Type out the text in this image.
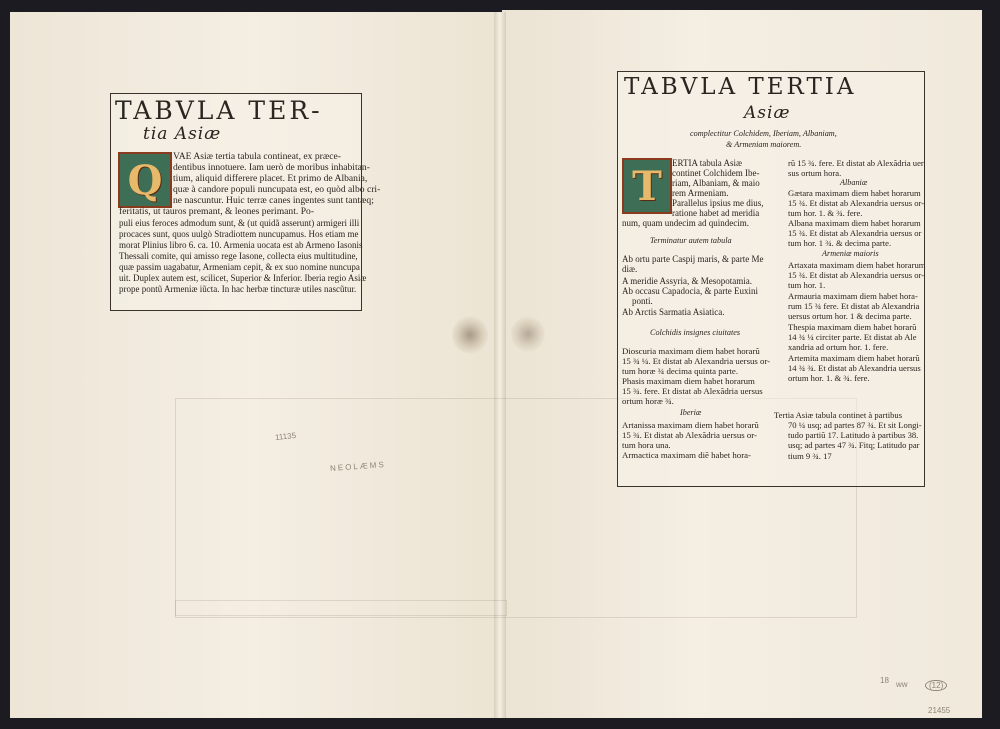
11135
NEOLÆMS
18 ww	(12)
21455
TABVLA TER-
tia Asiæ
Q	VAE Asiæ tertia tabula contineat, ex præce-
dentibus innotuere. Iam uerò de moribus inhabitan-
tium, aliquid differere placet. Et primo de Albania,
quæ à candore populi nuncupata est, eo quòd albo cri-
ne nascuntur. Huic terræ canes ingentes sunt tantæq;
feritatis, ut tauros premant, & leones perimant. Po-
puli eius feroces admodum sunt, & (ut quidã asserunt) armigeri illi
procaces sunt, quos uulgò Stradiottem nuncupamus. Hos etiam me
morat Plinius libro 6. ca. 10. Armenia uocata est ab Armeno Iasonis
Thessali comite, qui amisso rege Iasone, collecta eius multitudine,
quæ passim uagabatur, Armeniam cepit, & ex suo nomine nuncupa
uit. Duplex autem est, scilicet, Superior & Inferior. Iberia regio Asiæ
prope pontũ Armeniæ iũcta. In hac herbæ tincturæ utiles nascũtur.
TABVLA TERTIA
Asiæ
complectitur Colchidem, Iberiam, Albaniam,
& Armeniam maiorem.
T	ERTIA tabula Asiæ
continet Colchidem Ibe-
riam, Albaniam, & maio
rem Armeniam.
Parallelus ipsius me dius,
ratione habet ad meridia
num, quam undecim ad quindecim.
Terminatur autem tabula
Ab ortu parte Caspij maris, & parte Me
diæ.
A meridie Assyria, & Mesopotamia.
Ab occasu Capadocia, & parte Euxini
ponti.
Ab Arctis Sarmatia Asiatica.
Colchidis insignes ciuitates
Dioscuria maximam diem habet horarũ
15 ¾ ¼. Et distat ab Alexandria uersus or-
tum horæ ¾ decima quinta parte.
Phasis maximam diem habet horarum
15 ¾. fere. Et distat ab Alexãdria uersus
ortum horæ ¾.
Iberiæ
Artanissa maximam diem habet horarũ
15 ¾. Et distat ab Alexãdria uersus or-
tum hora una.
Armactica maximam diẽ habet hora-
rũ 15 ¾. fere. Et distat ab Alexãdria uer
sus ortum hora.
Albaniæ
Gætara maximam diem habet horarum
15 ¾. Et distat ab Alexandria uersus or-
tum hor. 1. & ¾. fere.
Albana maximam diem habet horarum
15 ¾. Et distat ab Alexandria uersus or
tum hor. 1 ¾. & decima parte.
Armeniæ maioris
Artaxata maximam diem habet horarum
15 ¾. Et distat ab Alexandria uersus or-
tum hor. 1.
Armauria maximam diem habet hora-
rum 15 ¾ fere. Et distat ab Alexandria
uersus ortum hor. 1 & decima parte.
Thespia maximam diem habet horarũ
14 ¾ ¼ circiter parte. Et distat ab Ale
xandria ad ortum hor. 1. fere.
Artemita maximam diem habet horarũ
14 ¾ ¾. Et distat ab Alexandria uersus
ortum hor. 1. & ¾. fere.
Tertia Asiæ tabula continet à partibus
70 ¼ usq; ad partes 87 ¾. Et sit Longi-
tudo partiũ 17. Latitudo à partibus 38.
usq; ad partes 47 ¾. Fitq; Latitudo par
tium 9 ¾. 17
